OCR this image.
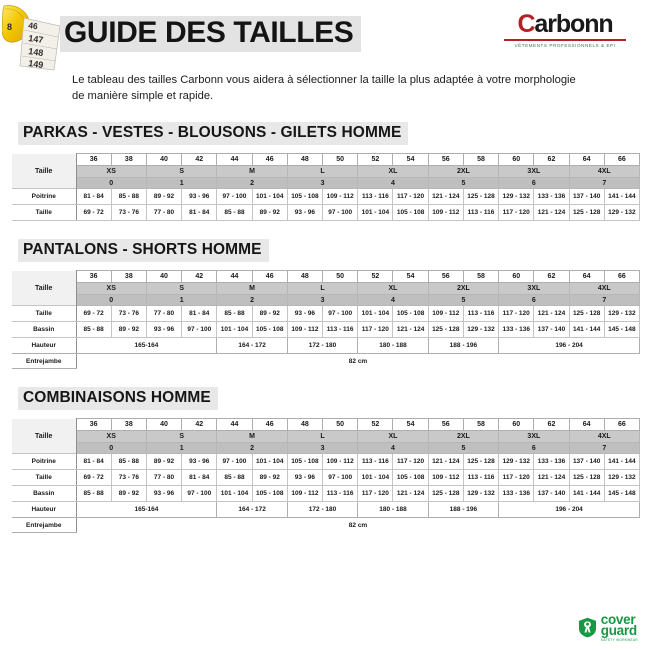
8 46
147
148
149
GUIDE DES TAILLES	Carbonn
VÊTEMENTS PROFESSIONNELS & EPI

Le tableau des tailles Carbonn vous aidera à sélectionner la taille la plus adaptée à votre morphologie de manière simple et rapide.

PARKAS - VESTES - BLOUSONS - GILETS HOMME
Taille	36	38	40	42	44	46	48	50	52	54	56	58	60	62	64	66
	XS		S		M		L		XL		2XL		3XL		4XL	
	0		1		2		3		4		5		6		7	
Poitrine	81 - 84	85 - 88	89 - 92	93 - 96	97 - 100	101 - 104	105 - 108	109 - 112	113 - 116	117 - 120	121 - 124	125 - 128	129 - 132	133 - 136	137 - 140	141 - 144
Taille	69 - 72	73 - 76	77 - 80	81 - 84	85 - 88	89 - 92	93 - 96	97 - 100	101 - 104	105 - 108	109 - 112	113 - 116	117 - 120	121 - 124	125 - 128	129 - 132
PANTALONS - SHORTS HOMME
Taille	36	38	40	42	44	46	48	50	52	54	56	58	60	62	64	66
	XS		S		M		L		XL		2XL		3XL		4XL	
	0		1		2		3		4		5		6		7	
Taille	69 - 72	73 - 76	77 - 80	81 - 84	85 - 88	89 - 92	93 - 96	97 - 100	101 - 104	105 - 108	109 - 112	113 - 116	117 - 120	121 - 124	125 - 128	129 - 132
Bassin	85 - 88	89 - 92	93 - 96	97 - 100	101 - 104	105 - 108	109 - 112	113 - 116	117 - 120	121 - 124	125 - 128	129 - 132	133 - 136	137 - 140	141 - 144	145 - 148
Hauteur	165-164				164 - 172		172 - 180		180 - 188		188 - 196		196 - 204			
Entrejambe	82 cm															
COMBINAISONS HOMME
Taille	36	38	40	42	44	46	48	50	52	54	56	58	60	62	64	66
	XS		S		M		L		XL		2XL		3XL		4XL	
	0		1		2		3		4		5		6		7	
Poitrine	81 - 84	85 - 88	89 - 92	93 - 96	97 - 100	101 - 104	105 - 108	109 - 112	113 - 116	117 - 120	121 - 124	125 - 128	129 - 132	133 - 136	137 - 140	141 - 144
Taille	69 - 72	73 - 76	77 - 80	81 - 84	85 - 88	89 - 92	93 - 96	97 - 100	101 - 104	105 - 108	109 - 112	113 - 116	117 - 120	121 - 124	125 - 128	129 - 132
Bassin	85 - 88	89 - 92	93 - 96	97 - 100	101 - 104	105 - 108	109 - 112	113 - 116	117 - 120	121 - 124	125 - 128	129 - 132	133 - 136	137 - 140	141 - 144	145 - 148
Hauteur	165-164				164 - 172		172 - 180		180 - 188		188 - 196		196 - 204			
Entrejambe	82 cm															
cover
guard
SAFETY WORKWEAR
